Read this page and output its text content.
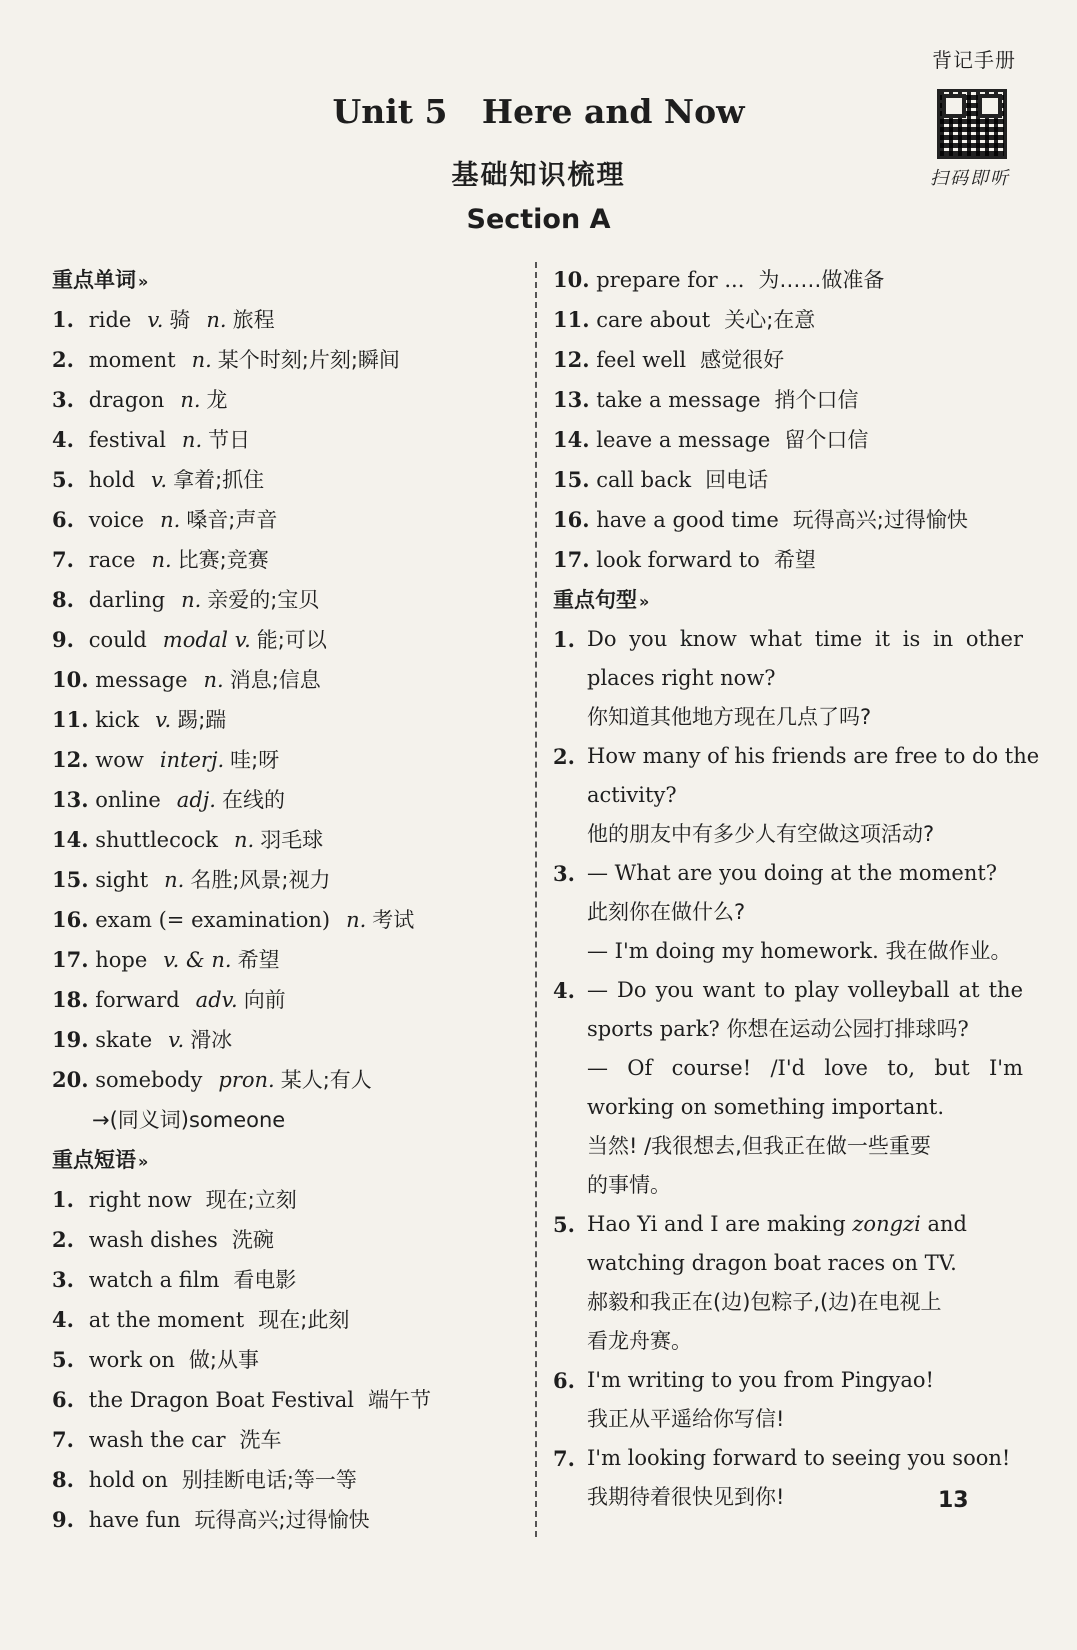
背记手册
扫码即听
Unit 5   Here and Now
基础知识梳理
Section A
重点单词 »
1. ride v. 骑 n. 旅程
2. moment n. 某个时刻;片刻;瞬间
3. dragon n. 龙
4. festival n. 节日
5. hold v. 拿着;抓住
6. voice n. 嗓音;声音
7. race n. 比赛;竞赛
8. darling n. 亲爱的;宝贝
9. could modal v. 能;可以
10. message n. 消息;信息
11. kick v. 踢;踹
12. wow interj. 哇;呀
13. online adj. 在线的
14. shuttlecock n. 羽毛球
15. sight n. 名胜;风景;视力
16. exam (= examination) n. 考试
17. hope v. & n. 希望
18. forward adv. 向前
19. skate v. 滑冰
20. somebody pron. 某人;有人
→(同义词)someone
重点短语 »
1. right now 现在;立刻
2. wash dishes 洗碗
3. watch a film 看电影
4. at the moment 现在;此刻
5. work on 做;从事
6. the Dragon Boat Festival 端午节
7. wash the car 洗车
8. hold on 别挂断电话;等一等
9. have fun 玩得高兴;过得愉快
10. prepare for ... 为……做准备
11. care about 关心;在意
12. feel well 感觉很好
13. take a message 捎个口信
14. leave a message 留个口信
15. call back 回电话
16. have a good time 玩得高兴;过得愉快
17. look forward to 希望
重点句型 »
1. Do you know what time it is in other
places right now?
你知道其他地方现在几点了吗?
2. How many of his friends are free to do the
activity?
他的朋友中有多少人有空做这项活动?
3. — What are you doing at the moment?
此刻你在做什么?
— I'm doing my homework. 我在做作业。
4. — Do you want to play volleyball at the
sports park? 你想在运动公园打排球吗?
— Of course! /I'd love to, but I'm
working on something important.
当然! /我很想去,但我正在做一些重要
的事情。
5. Hao Yi and I are making zongzi and
watching dragon boat races on TV.
郝毅和我正在(边)包粽子,(边)在电视上
看龙舟赛。
6. I'm writing to you from Pingyao!
我正从平遥给你写信!
7. I'm looking forward to seeing you soon!
我期待着很快见到你!	13
